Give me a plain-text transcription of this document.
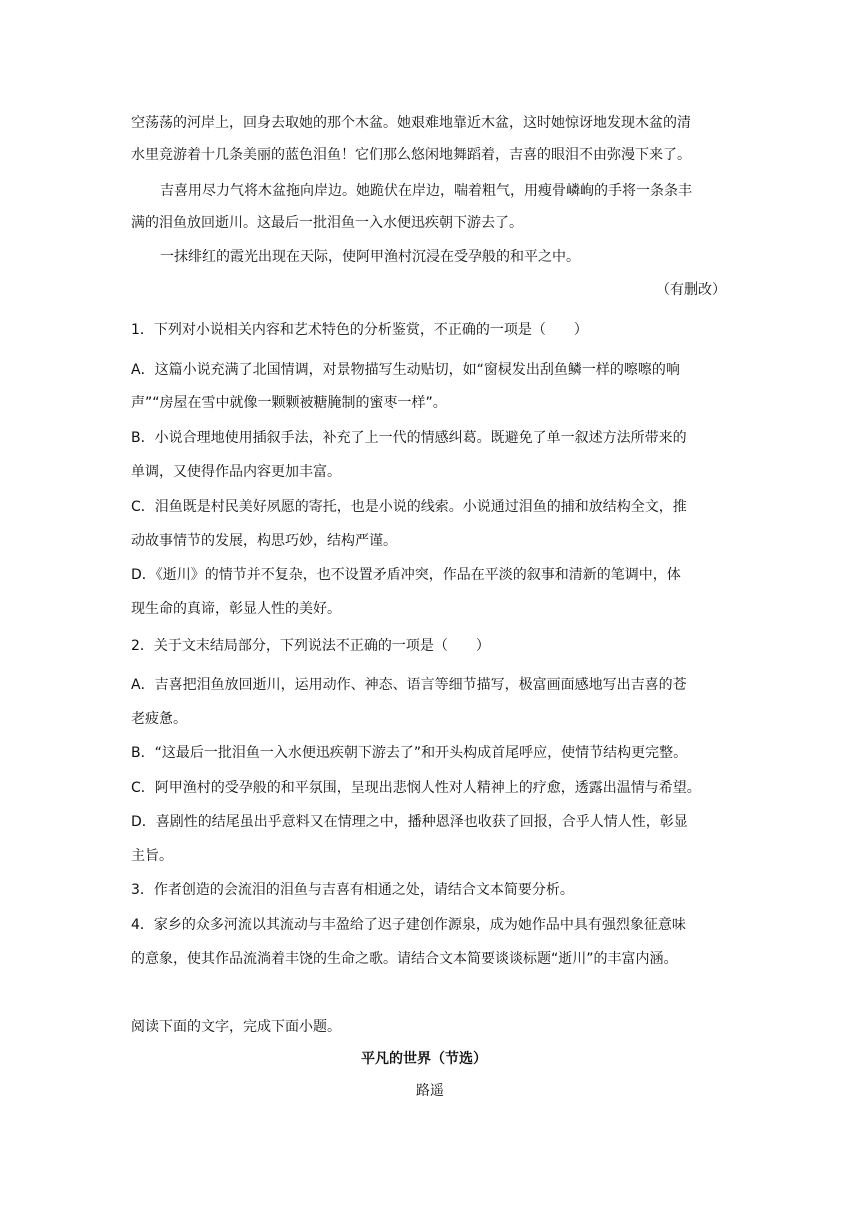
空荡荡的河岸上，回身去取她的那个木盆。她艰难地靠近木盆，这时她惊讶地发现木盆的清
水里竞游着十几条美丽的蓝色泪鱼！它们那么悠闲地舞蹈着，吉喜的眼泪不由弥漫下来了。
吉喜用尽力气将木盆拖向岸边。她跪伏在岸边，喘着粗气，用瘦骨嶙峋的手将一条条丰
满的泪鱼放回逝川。这最后一批泪鱼一入水便迅疾朝下游去了。
一抹绯红的霞光出现在天际，使阿甲渔村沉浸在受孕般的和平之中。
（有删改）
1．下列对小说相关内容和艺术特色的分析鉴赏，不正确的一项是（　　）
A．这篇小说充满了北国情调，对景物描写生动贴切，如“窗棂发出刮鱼鳞一样的嚓嚓的响
声”“房屋在雪中就像一颗颗被糖腌制的蜜枣一样”。
B．小说合理地使用插叙手法，补充了上一代的情感纠葛。既避免了单一叙述方法所带来的
单调，又使得作品内容更加丰富。
C．泪鱼既是村民美好夙愿的寄托，也是小说的线索。小说通过泪鱼的捕和放结构全文，推
动故事情节的发展，构思巧妙，结构严谨。
D．《逝川》的情节并不复杂，也不设置矛盾冲突，作品在平淡的叙事和清新的笔调中，体
现生命的真谛，彰显人性的美好。
2．关于文末结局部分，下列说法不正确的一项是（　　）
A．吉喜把泪鱼放回逝川，运用动作、神态、语言等细节描写，极富画面感地写出吉喜的苍
老疲惫。
B．“这最后一批泪鱼一入水便迅疾朝下游去了”和开头构成首尾呼应，使情节结构更完整。
C．阿甲渔村的受孕般的和平氛围，呈现出悲悯人性对人精神上的疗愈，透露出温情与希望。
D．喜剧性的结尾虽出乎意料又在情理之中，播种恩泽也收获了回报，合乎人情人性，彰显
主旨。
3．作者创造的会流泪的泪鱼与吉喜有相通之处，请结合文本简要分析。
4．家乡的众多河流以其流动与丰盈给了迟子建创作源泉，成为她作品中具有强烈象征意味
的意象，使其作品流淌着丰饶的生命之歌。请结合文本简要谈谈标题“逝川”的丰富内涵。
阅读下面的文字，完成下面小题。
平凡的世界（节选）
路遥
